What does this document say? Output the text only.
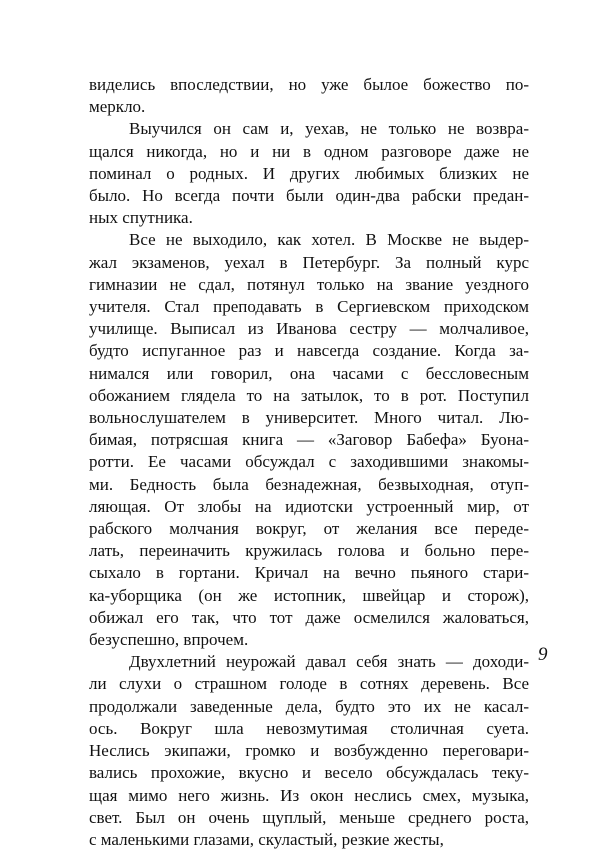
виделись впоследствии, но уже былое божество по-
меркло.
Выучился он сам и, уехав, не только не возвра-
щался никогда, но и ни в одном разговоре даже не
поминал о родных. И других любимых близких не
было. Но всегда почти были один-два рабски предан-
ных спутника.
Все не выходило, как хотел. В Москве не выдер-
жал экзаменов, уехал в Петербург. За полный курс
гимназии не сдал, потянул только на звание уездного
учителя. Стал преподавать в Сергиевском приходском
училище. Выписал из Иванова сестру — молчаливое,
будто испуганное раз и навсегда создание. Когда за-
нимался или говорил, она часами с бессловесным
обожанием глядела то на затылок, то в рот. Поступил
вольнослушателем в университет. Много читал. Лю-
бимая, потрясшая книга — «Заговор Бабефа» Буона-
ротти. Ее часами обсуждал с заходившими знакомы-
ми. Бедность была безнадежная, безвыходная, отуп-
ляющая. От злобы на идиотски устроенный мир, от
рабского молчания вокруг, от желания все переде-
лать, переиначить кружилась голова и больно пере-
сыхало в гортани. Кричал на вечно пьяного стари-
ка-уборщика (он же истопник, швейцар и сторож),
обижал его так, что тот даже осмелился жаловаться,
безуспешно, впрочем.
Двухлетний неурожай давал себя знать — доходи-
ли слухи о страшном голоде в сотнях деревень. Все
продолжали заведенные дела, будто это их не касал-
ось. Вокруг шла невозмутимая столичная суета.
Неслись экипажи, громко и возбужденно переговари-
вались прохожие, вкусно и весело обсуждалась теку-
щая мимо него жизнь. Из окон неслись смех, музыка,
свет. Был он очень щуплый, меньше среднего роста,
с маленькими глазами, скуластый, резкие жесты,
9
